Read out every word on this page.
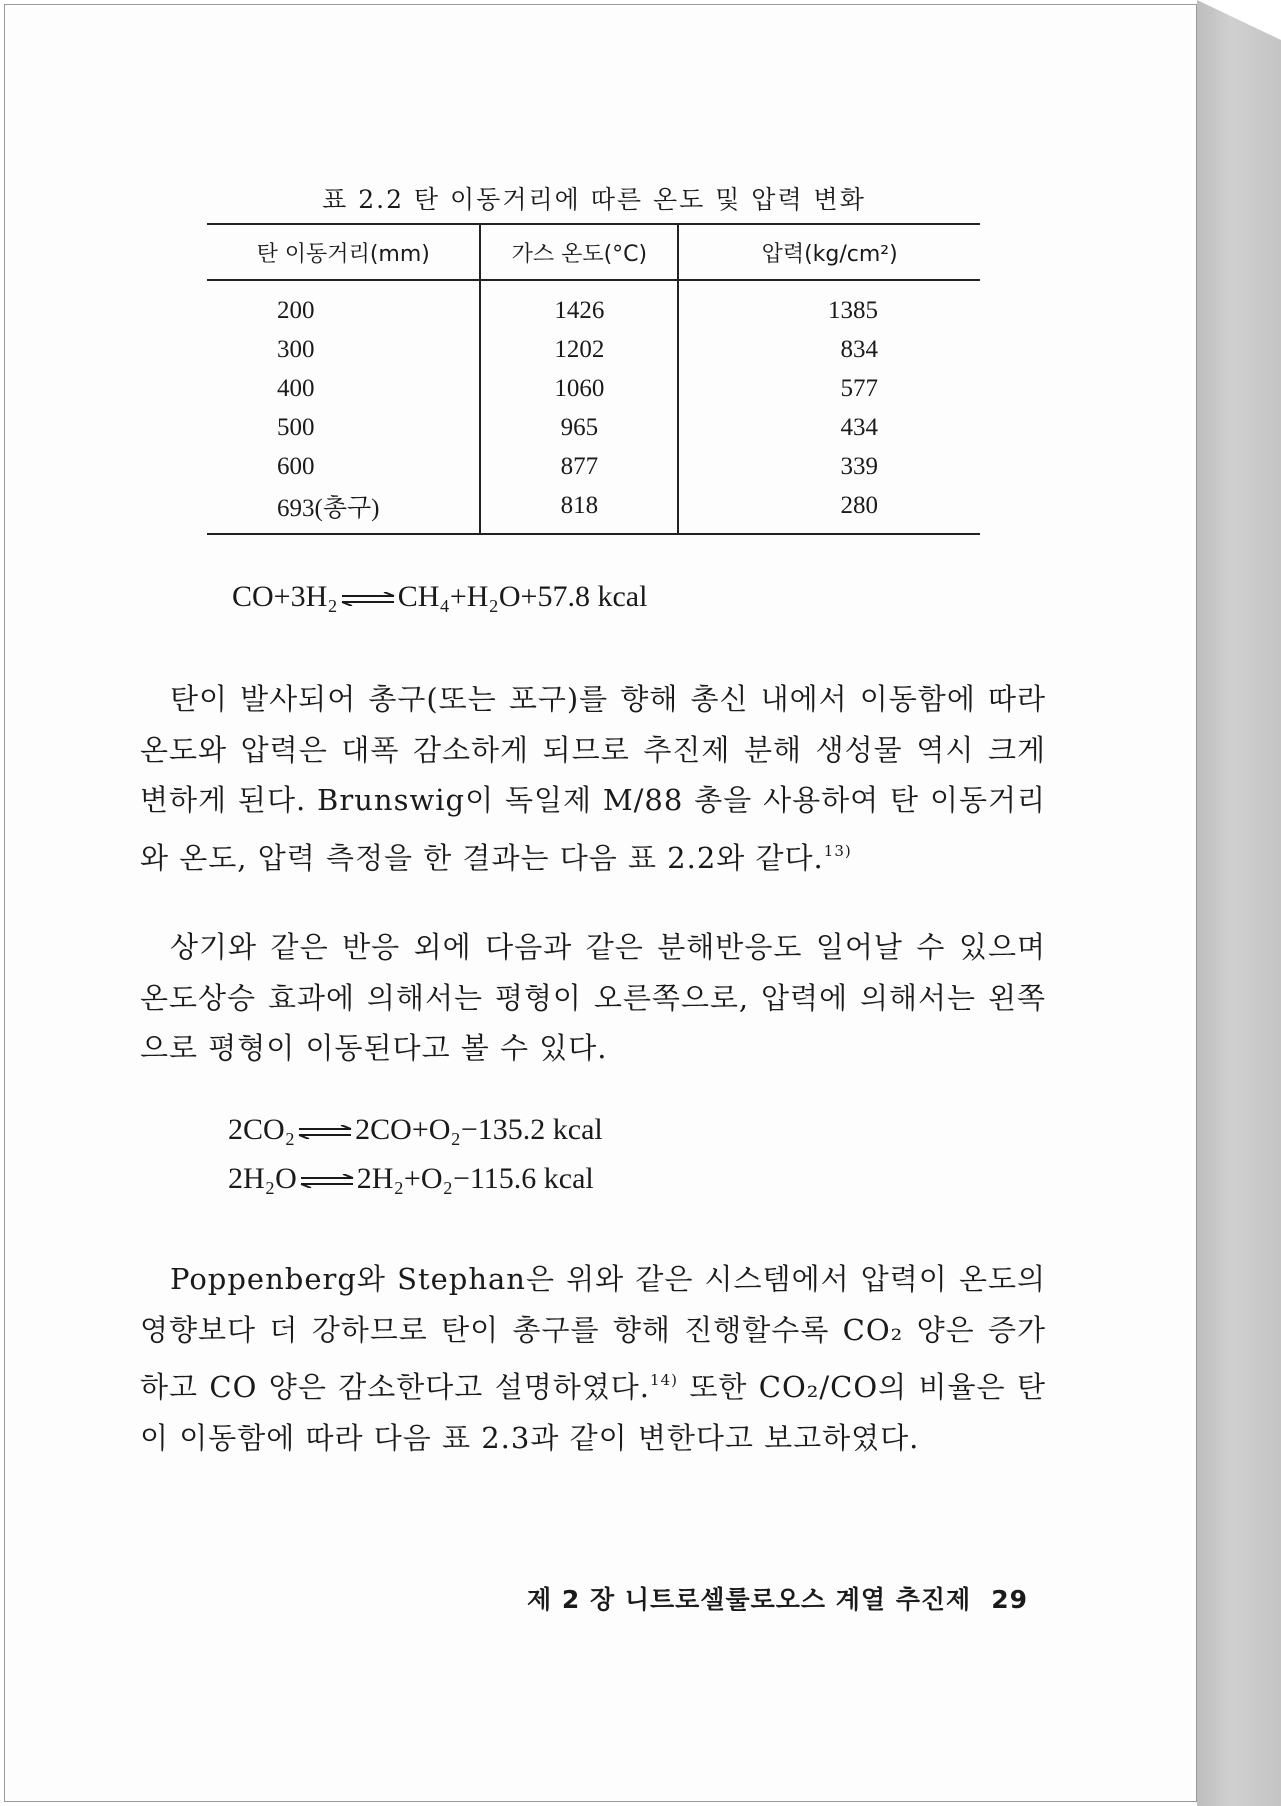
표 2.2 탄 이동거리에 따른 온도 및 압력 변화
탄 이동거리(mm)	가스 온도(°C)	압력(kg/cm²)
200	1426	1385
300	1202	834
400	1060	577
500	965	434
600	877	339
693(총구)	818	280
CO+3H₂ ⇌ CH₄+H₂O+57.8 kcal
탄이 발사되어 총구(또는 포구)를 향해 총신 내에서 이동함에 따라 온도와 압력은 대폭 감소하게 되므로 추진제 분해 생성물 역시 크게 변하게 된다. Brunswig이 독일제 M/88 총을 사용하여 탄 이동거리와 온도, 압력 측정을 한 결과는 다음 표 2.2와 같다.$^{13)}$
상기와 같은 반응 외에 다음과 같은 분해반응도 일어날 수 있으며 온도상승 효과에 의해서는 평형이 오른쪽으로, 압력에 의해서는 왼쪽으로 평형이 이동된다고 볼 수 있다.
2CO₂ ⇌ 2CO+O₂−135.2 kcal
2H₂O ⇌ 2H₂+O₂−115.6 kcal
Poppenberg와 Stephan은 위와 같은 시스템에서 압력이 온도의 영향보다 더 강하므로 탄이 총구를 향해 진행할수록 CO₂ 양은 증가하고 CO 양은 감소한다고 설명하였다.$^{14)}$ 또한 CO₂/CO의 비율은 탄이 이동함에 따라 다음 표 2.3과 같이 변한다고 보고하였다.
제 2 장 니트로셀룰로오스 계열 추진제 29
